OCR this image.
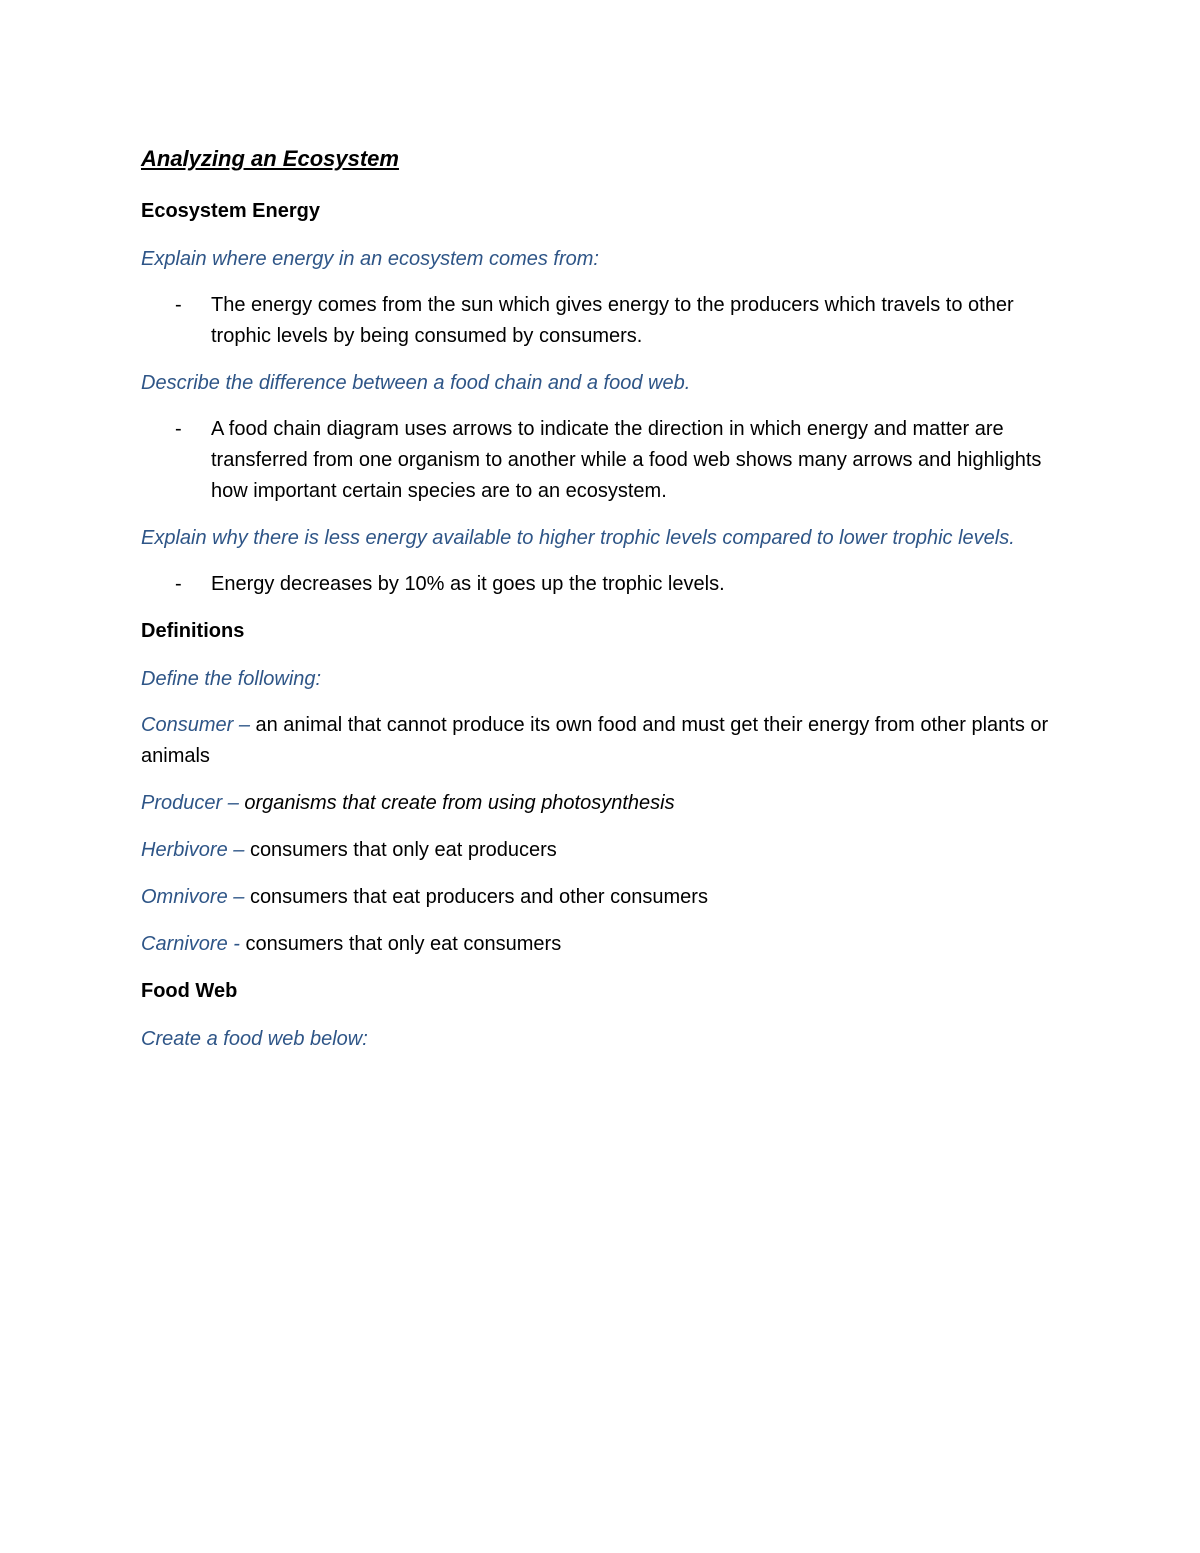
Analyzing an Ecosystem
Ecosystem Energy
Explain where energy in an ecosystem comes from:
-	The energy comes from the sun which gives energy to the producers which travels to other trophic levels by being consumed by consumers.
Describe the difference between a food chain and a food web.
-	A food chain diagram uses arrows to indicate the direction in which energy and matter are transferred from one organism to another while a food web shows many arrows and highlights how important certain species are to an ecosystem.
Explain why there is less energy available to higher trophic levels compared to lower trophic levels.
-	Energy decreases by 10% as it goes up the trophic levels.
Definitions
Define the following:
Consumer – an animal that cannot produce its own food and must get their energy from other plants or animals
Producer – organisms that create from using photosynthesis
Herbivore – consumers that only eat producers
Omnivore – consumers that eat producers and other consumers
Carnivore - consumers that only eat consumers
Food Web
Create a food web below:
